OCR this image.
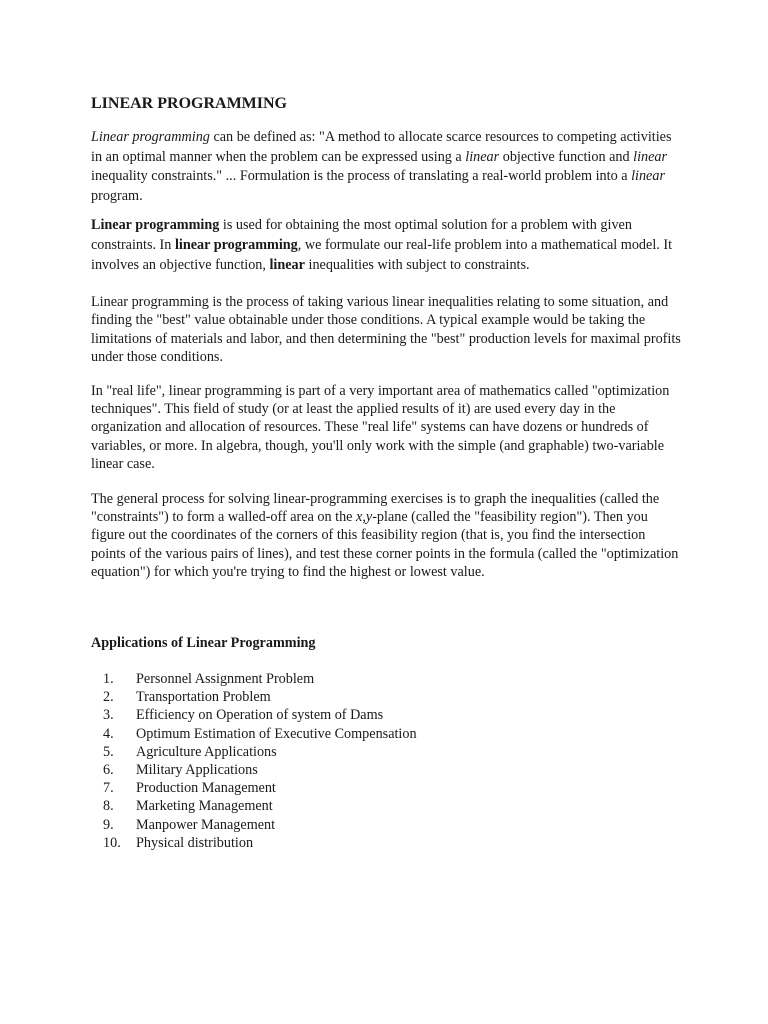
LINEAR PROGRAMMING

Linear programming can be defined as: "A method to allocate scarce resources to competing activities in an optimal manner when the problem can be expressed using a linear objective function and linear inequality constraints." ... Formulation is the process of translating a real-world problem into a linear program.

Linear programming is used for obtaining the most optimal solution for a problem with given constraints. In linear programming, we formulate our real-life problem into a mathematical model. It involves an objective function, linear inequalities with subject to constraints.

Linear programming is the process of taking various linear inequalities relating to some situation, and finding the "best" value obtainable under those conditions. A typical example would be taking the limitations of materials and labor, and then determining the "best" production levels for maximal profits under those conditions.

In "real life", linear programming is part of a very important area of mathematics called "optimization techniques". This field of study (or at least the applied results of it) are used every day in the organization and allocation of resources. These "real life" systems can have dozens or hundreds of variables, or more. In algebra, though, you'll only work with the simple (and graphable) two-variable linear case.

The general process for solving linear-programming exercises is to graph the inequalities (called the "constraints") to form a walled-off area on the x,y-plane (called the "feasibility region"). Then you figure out the coordinates of the corners of this feasibility region (that is, you find the intersection points of the various pairs of lines), and test these corner points in the formula (called the "optimization equation") for which you're trying to find the highest or lowest value.

Applications of Linear Programming

1.	Personnel Assignment Problem
2.	Transportation Problem
3.	Efficiency on Operation of system of Dams
4.	Optimum Estimation of Executive Compensation
5.	Agriculture Applications
6.	Military Applications
7.	Production Management
8.	Marketing Management
9.	Manpower Management
10.	Physical distribution
